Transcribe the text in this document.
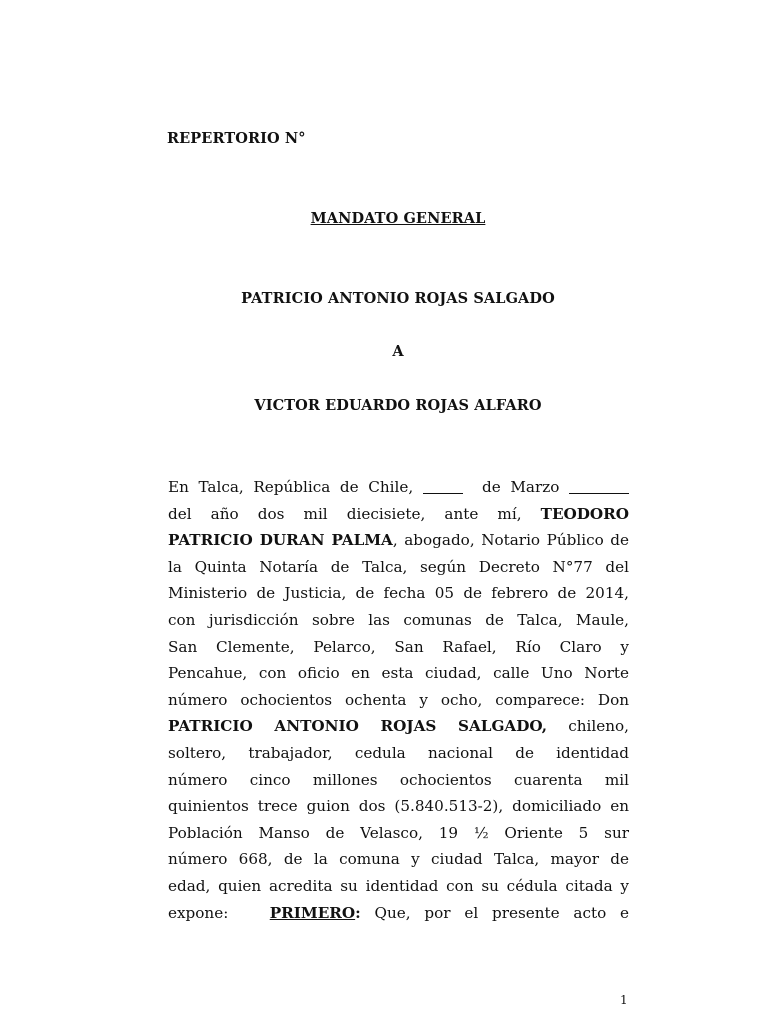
REPERTORIO N°
MANDATO GENERAL
PATRICIO ANTONIO ROJAS SALGADO
A
VICTOR EDUARDO ROJAS ALFARO
En Talca, República de Chile,	de Marzo
del año dos mil diecisiete, ante mí, TEODORO
PATRICIO DURAN PALMA, abogado, Notario Público de
la Quinta Notaría de Talca, según Decreto N°77 del
Ministerio de Justicia, de fecha 05 de febrero de 2014,
con jurisdicción sobre las comunas de Talca, Maule,
San Clemente, Pelarco, San Rafael, Río Claro y
Pencahue, con oficio en esta ciudad, calle Uno Norte
número ochocientos ochenta y ocho, comparece: Don
PATRICIO ANTONIO ROJAS SALGADO, chileno,
soltero, trabajador, cedula nacional de identidad
número cinco millones ochocientos cuarenta mil
quinientos trece guion dos (5.840.513-2), domiciliado en
Población Manso de Velasco, 19 ½ Oriente 5 sur
número 668, de la comuna y ciudad Talca, mayor de
edad, quien acredita su identidad con su cédula citada y
expone:	PRIMERO: Que, por el presente acto e
1
